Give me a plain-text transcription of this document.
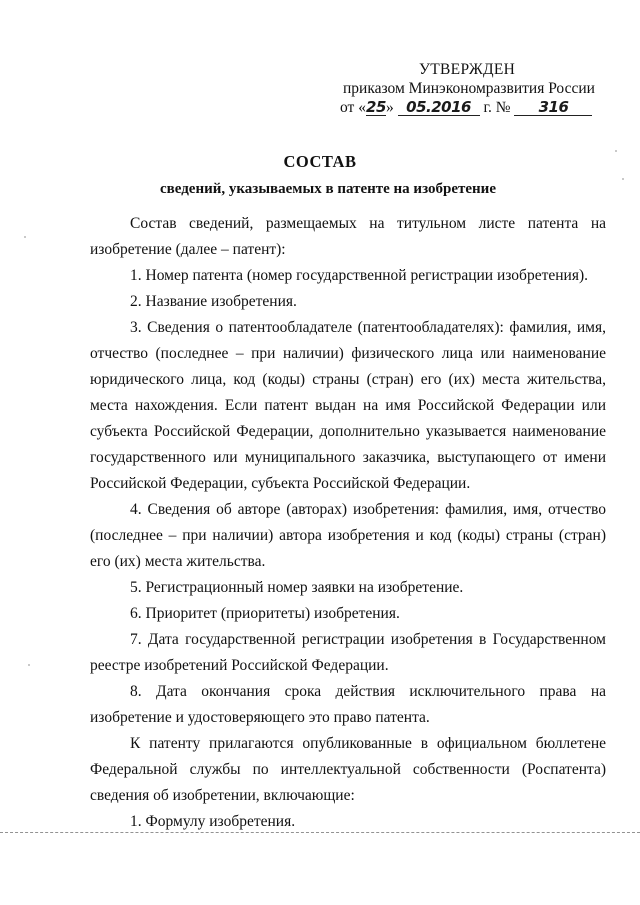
УТВЕРЖДЕН
приказом Минэкономразвития России
от «25» 05.2016 г. № 316
СОСТАВ
сведений, указываемых в патенте на изобретение

Состав сведений, размещаемых на титульном листе патента на изобретение (далее – патент):

1. Номер патента (номер государственной регистрации изобретения).

2. Название изобретения.

3. Сведения о патентообладателе (патентообладателях): фамилия, имя, отчество (последнее – при наличии) физического лица или наименование юридического лица, код (коды) страны (стран) его (их) места жительства, места нахождения. Если патент выдан на имя Российской Федерации или субъекта Российской Федерации, дополнительно указывается наименование государственного или муниципального заказчика, выступающего от имени Российской Федерации, субъекта Российской Федерации.

4. Сведения об авторе (авторах) изобретения: фамилия, имя, отчество (последнее – при наличии) автора изобретения и код (коды) страны (стран) его (их) места жительства.

5. Регистрационный номер заявки на изобретение.

6. Приоритет (приоритеты) изобретения.

7. Дата государственной регистрации изобретения в Государственном реестре изобретений Российской Федерации.

8. Дата окончания срока действия исключительного права на изобретение и удостоверяющего это право патента.

К патенту прилагаются опубликованные в официальном бюллетене Федеральной службы по интеллектуальной собственности (Роспатента) сведения об изобретении, включающие:

1. Формулу изобретения.
